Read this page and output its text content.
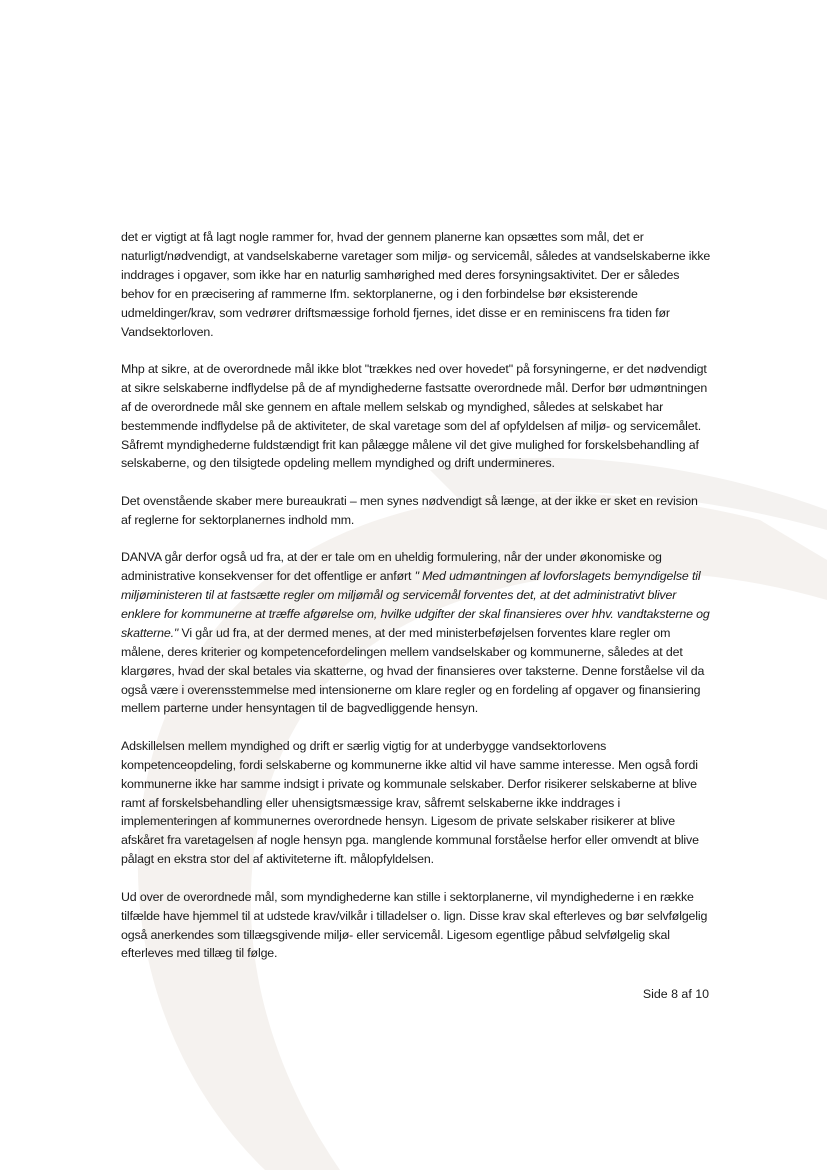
det er vigtigt at få lagt nogle rammer for, hvad der gennem planerne kan opsættes som mål, det er naturligt/nødvendigt, at vandselskaberne varetager som miljø- og servicemål, således at vandselskaberne ikke inddrages i opgaver, som ikke har en naturlig samhørighed med deres forsyningsaktivitet. Der er således behov for en præcisering af rammerne Ifm. sektorplanerne, og i den forbindelse bør eksisterende udmeldinger/krav, som vedrører driftsmæssige forhold fjernes, idet disse er en reminiscens fra tiden før Vandsektorloven.

Mhp at sikre, at de overordnede mål ikke blot "trækkes ned over hovedet" på forsyningerne, er det nødvendigt at sikre selskaberne indflydelse på de af myndighederne fastsatte overordnede mål. Derfor bør udmøntningen af de overordnede mål ske gennem en aftale mellem selskab og myndighed, således at selskabet har bestemmende indflydelse på de aktiviteter, de skal varetage som del af opfyldelsen af miljø- og servicemålet. Såfremt myndighederne fuldstændigt frit kan pålægge målene vil det give mulighed for forskelsbehandling af selskaberne, og den tilsigtede opdeling mellem myndighed og drift undermineres.

Det ovenstående skaber mere bureaukrati – men synes nødvendigt så længe, at der ikke er sket en revision af reglerne for sektorplanernes indhold mm.

DANVA går derfor også ud fra, at der er tale om en uheldig formulering, når der under økonomiske og administrative konsekvenser for det offentlige er anført " Med udmøntningen af lovforslagets bemyndigelse til miljøministeren til at fastsætte regler om miljømål og servicemål forventes det, at det administrativt bliver enklere for kommunerne at træffe afgørelse om, hvilke udgifter der skal finansieres over hhv. vandtaksterne og skatterne." Vi går ud fra, at der dermed menes, at der med ministerbeføjelsen forventes klare regler om målene, deres kriterier og kompetencefordelingen mellem vandselskaber og kommunerne, således at det klargøres, hvad der skal betales via skatterne, og hvad der finansieres over taksterne. Denne forståelse vil da også være i overensstemmelse med intensionerne om klare regler og en fordeling af opgaver og finansiering mellem parterne under hensyntagen til de bagvedliggende hensyn.

Adskillelsen mellem myndighed og drift er særlig vigtig for at underbygge vandsektorlovens kompetenceopdeling, fordi selskaberne og kommunerne ikke altid vil have samme interesse. Men også fordi kommunerne ikke har samme indsigt i private og kommunale selskaber. Derfor risikerer selskaberne at blive ramt af forskelsbehandling eller uhensigtsmæssige krav, såfremt selskaberne ikke inddrages i implementeringen af kommunernes overordnede hensyn. Ligesom de private selskaber risikerer at blive afskåret fra varetagelsen af nogle hensyn pga. manglende kommunal forståelse herfor eller omvendt at blive pålagt en ekstra stor del af aktiviteterne ift. målopfyldelsen.

Ud over de overordnede mål, som myndighederne kan stille i sektorplanerne, vil myndighederne i en række tilfælde have hjemmel til at udstede krav/vilkår i tilladelser o. lign. Disse krav skal efterleves og bør selvfølgelig også anerkendes som tillægsgivende miljø- eller servicemål. Ligesom egentlige påbud selvfølgelig skal efterleves med tillæg til følge.

Side 8 af 10
